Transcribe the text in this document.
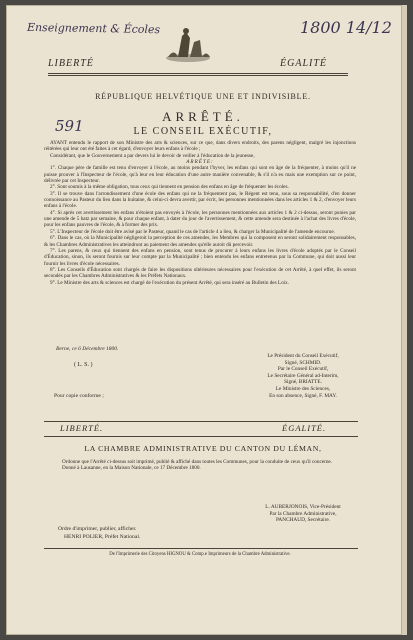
Enseignement & Écoles	1800 14/12
LIBERTÉ	ÉGALITÉ
RÉPUBLIQUE HELVÉTIQUE UNE ET INDIVISIBLE.
ARRÊTÉ.
591	LE CONSEIL EXÉCUTIF,

AYANT entendu le rapport de son Ministre des arts & sciences, sur ce que, dans divers endroits, des parens négligent, malgré les injonctions réitérées qui leur ont été faites à cet égard, d'envoyer leurs enfans à l'école ;

Considérant, que le Gouvernement a par devers lui le devoir de veiller à l'éducation de la jeunesse,

ARRÊTE:

1°. Chaque père de famille est tenu d'envoyer à l'école, au moins pendant l'hyver, les enfans qui sont en âge de la fréquenter, à moins qu'il ne puisse prouver à l'Inspecteur de l'école, qu'à leur en leur éducation d'une autre manière convenable, & s'il n'a eu mais une exemption sur ce point, délivrée par cet Inspecteur.

2°. Sont soumis à la même obligation, tous ceux qui tiennent en pension des enfans en âge de fréquenter les écoles.

3°. Il se trouve dans l'arrondissement d'une école des enfans qui ne la fréquentent pas, le Régent est tenu, sous sa responsabilité, d'en donner connoissance au Pasteur du lieu dans la huitaine, & celui-ci devra avertir, par écrit, les personnes mentionnées dans les articles 1 & 2, d'envoyer leurs enfans à l'école.

4°. Si après cet avertissement les enfans n'étoient pas envoyés à l'école, les personnes mentionnées aux articles 1 & 2 ci-dessus, seront punies par une amende de 5 batz par semaine, & pour chaque enfant, à dater du jour de l'avertissement, & cette amende sera destinée à l'achat des livres d'école, pour les enfans pauvres de l'école, & à former des prix.

5°. L'Inspecteur de l'école doit être avisé par le Pasteur, quand le cas de l'article 4 a lieu, & charger la Municipalité de l'amende encourue.

6°. Dans le cas, où la Municipalité négligeroit la perception de ces amendes, les Membres qui la composent en seront solidairement responsables, & les Chambres Administratives les atteindront au paiement des amendes qu'elle auroit dû percevoir.

7°. Les parens, & ceux qui tiennent des enfans en pension, sont tenus de procurer à leurs enfans les livres d'école adoptés par le Conseil d'Éducation, sinon, ils seront fournis sur leur compte par la Municipalité ; bien entendu les enfans entretenus par la Commune, qui doit aussi leur fournir les livres d'école nécessaires.

8°. Les Conseils d'Éducation sont chargés de faire les dispositions ultérieures nécessaires pour l'exécution de cet Arrêté, à quel effet, ils seront secondés par les Chambres Administratives & les Préfets Nationaux.

9°. Le Ministre des arts & sciences est chargé de l'exécution du présent Arrêté, qui sera inséré au Bulletin des Loix.

Berne, ce 6 Décembre 1800.
( L. S. )
Le Président du Conseil Exécutif,
Signé, SCHMID.
Par le Conseil Exécutif,
Le Secrétaire Général ad-Interim,
Signé, BRIATTE.
Le Ministre des Sciences,
En son absence, Signé, F. MAY.
Pour copie conforme ;
LIBERTÉ.	ÉGALITÉ.
LA CHAMBRE ADMINISTRATIVE DU CANTON DU LÉMAN,

Ordonne que l'Arrêté ci-dessus soit imprimé, publié & affiché dans toutes les Communes, pour la conduite de ceux qu'il concerne.

Donné à Lausanne, en la Maison Nationale, ce 17 Décembre 1800.

L. AUBERJONOIS, Vice-Président
Par la Chambre Administrative,
PANCHAUD, Secrétaire.
Ordre d'imprimer, publier, afficher.
HENRI POLIER, Préfet National.
De l'Imprimerie des Citoyens HIGNOU & Comp.e Imprimeurs de la Chambre Administrative.
